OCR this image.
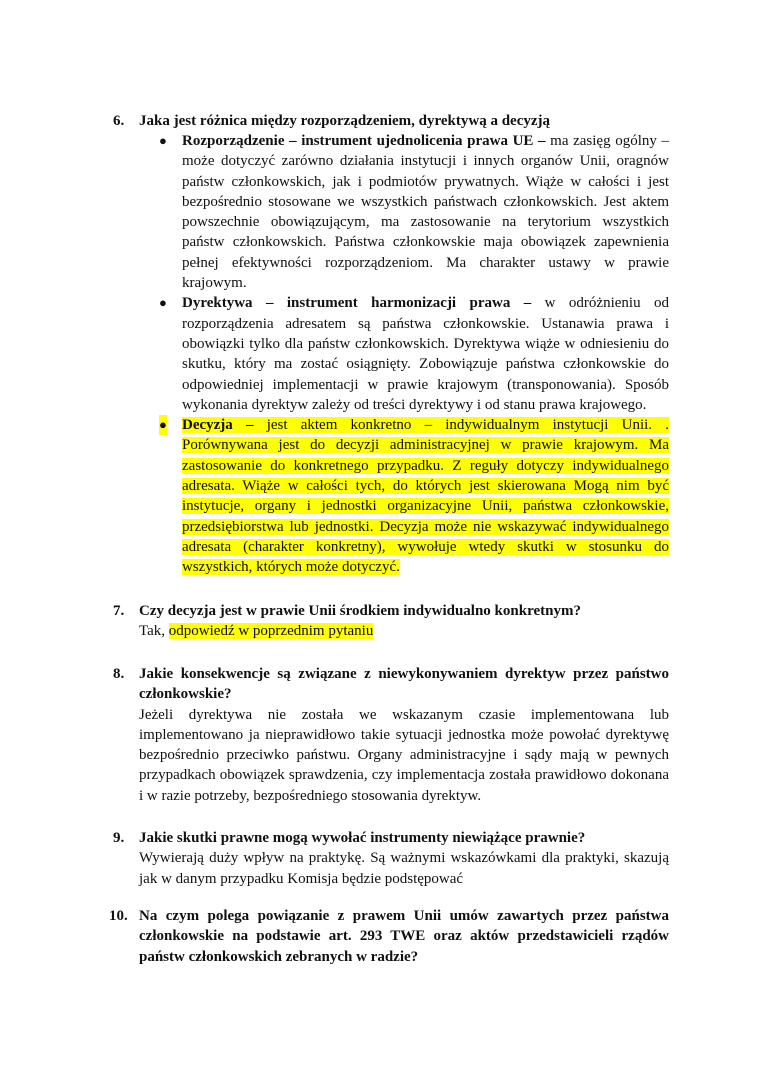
6. Jaka jest różnica między rozporządzeniem, dyrektywą a decyzją
● Rozporządzenie – instrument ujednolicenia prawa UE – ma zasięg ogólny – może dotyczyć zarówno działania instytucji i innych organów Unii, oragnów państw członkowskich, jak i podmiotów prywatnych. Wiąże w całości i jest bezpośrednio stosowane we wszystkich państwach członkowskich. Jest aktem powszechnie obowiązującym, ma zastosowanie na terytorium wszystkich państw członkowskich. Państwa członkowskie maja obowiązek zapewnienia pełnej efektywności rozporządzeniom. Ma charakter ustawy w prawie krajowym.
● Dyrektywa – instrument harmonizacji prawa – w odróżnieniu od rozporządzenia adresatem są państwa członkowskie. Ustanawia prawa i obowiązki tylko dla państw członkowskich. Dyrektywa wiąże w odniesieniu do skutku, który ma zostać osiągnięty. Zobowiązuje państwa członkowskie do odpowiedniej implementacji w prawie krajowym (transponowania). Sposób wykonania dyrektyw zależy od treści dyrektywy i od stanu prawa krajowego.
● Decyzja – jest aktem konkretno – indywidualnym instytucji Unii. . Porównywana jest do decyzji administracyjnej w prawie krajowym. Ma zastosowanie do konkretnego przypadku. Z reguły dotyczy indywidualnego adresata. Wiąże w całości tych, do których jest skierowana Mogą nim być instytucje, organy i jednostki organizacyjne Unii, państwa członkowskie, przedsiębiorstwa lub jednostki. Decyzja może nie wskazywać indywidualnego adresata (charakter konkretny), wywołuje wtedy skutki w stosunku do wszystkich, których może dotyczyć.
7. Czy decyzja jest w prawie Unii środkiem indywidualno konkretnym?
Tak, odpowiedź w poprzednim pytaniu
8. Jakie konsekwencje są związane z niewykonywaniem dyrektyw przez państwo członkowskie?
Jeżeli dyrektywa nie została we wskazanym czasie implementowana lub implementowano ja nieprawidłowo takie sytuacji jednostka może powołać dyrektywę bezpośrednio przeciwko państwu. Organy administracyjne i sądy mają w pewnych przypadkach obowiązek sprawdzenia, czy implementacja została prawidłowo dokonana i w razie potrzeby, bezpośredniego stosowania dyrektyw.
9. Jakie skutki prawne mogą wywołać instrumenty niewiążące prawnie?
Wywierają duży wpływ na praktykę. Są ważnymi wskazówkami dla praktyki, skazują jak w danym przypadku Komisja będzie podstępować
10. Na czym polega powiązanie z prawem Unii umów zawartych przez państwa członkowskie na podstawie art. 293 TWE oraz aktów przedstawicieli rządów państw członkowskich zebranych w radzie?
